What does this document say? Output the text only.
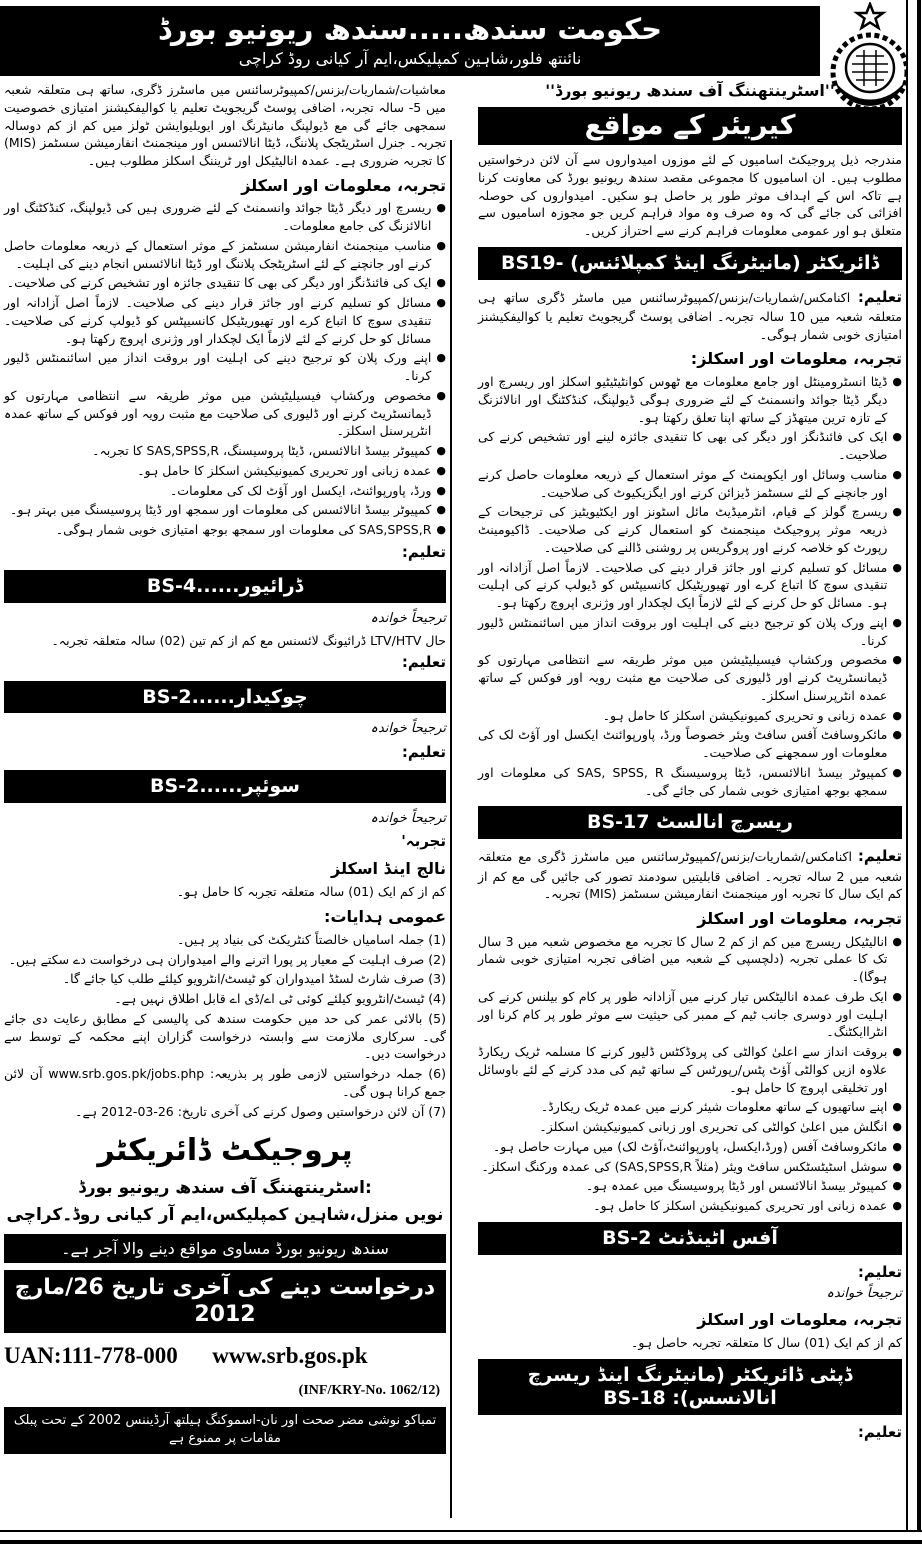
حکومت سندھ.....سندھ ریونیو بورڈ
نائنتھ فلور،شاہین کمپلیکس،ایم آر کیانی روڈ کراچی
''اسٹرینتھننگ آف سندھ ریونیو بورڈ''
کیریئر کے مواقع
مندرجہ ذیل پروجیکٹ اسامیوں کے لئے موزوں امیدواروں سے آن لائن درخواستیں مطلوب ہیں۔ ان اسامیوں کا مجموعی مقصد سندھ ریونیو بورڈ کی معاونت کرنا ہے تاکہ اس کے اہداف موثر طور پر حاصل ہو سکیں۔ امیدواروں کی حوصلہ افزائی کی جائے گی کہ وہ صرف وہ مواد فراہم کریں جو مجوزہ اسامیوں سے متعلق ہو اور عمومی معلومات فراہم کرنے سے احتراز کریں۔
ڈائریکٹر (مانیٹرنگ اینڈ کمپلائنس) -BS19
تعلیم: اکنامکس/شماریات/بزنس/کمپیوٹرسائنس میں ماسٹر ڈگری ساتھ ہی متعلقہ شعبہ میں 10 سالہ تجربہ۔ اضافی پوسٹ گریجویٹ تعلیم یا کوالیفکیشنز امتیازی خوبی شمار ہوگی۔
تجربہ، معلومات اور اسکلز:
●
ڈیٹا انسٹرومینٹل اور جامع معلومات مع ٹھوس کوانٹیٹیٹیو اسکلز اور ریسرچ اور دیگر ڈیٹا جوائد وانسمنٹ کے لئے ضروری ہوگی ڈیولپنگ، کنڈکٹنگ اور انالائزنگ کے تازہ ترین میتھڈز کے ساتھ اپنا تعلق رکھتا ہو۔
●
ایک کی فائنڈنگز اور دیگر کی بھی کا تنقیدی جائزہ لینے اور تشخیص کرنے کی صلاحیت۔
●
مناسب وسائل اور ایکوپمنٹ کے موثر استعمال کے ذریعہ معلومات حاصل کرنے اور جانچنے کے لئے سسٹمز ڈیزائن کرنے اور ایگزیکیوٹ کی صلاحیت۔
●
ریسرچ گولز کے قیام، انٹرمیڈیٹ مائل اسٹونز اور ایکٹیویٹیز کی ترجیحات کے ذریعہ موثر پروجیکٹ مینجمنٹ کو استعمال کرنے کی صلاحیت۔ ڈاکیومینٹ رپورٹ کو خلاصہ کرنے اور پروگریس پر روشنی ڈالنے کی صلاحیت۔
●
مسائل کو تسلیم کرنے اور جائز قرار دینے کی صلاحیت۔ لازماً اصل آزادانہ اور تنقیدی سوچ کا اتباع کرے اور تھیوریٹیکل کانسیپٹس کو ڈیولپ کرنے کی اہلیت ہو۔ مسائل کو حل کرنے کے لئے لازماً ایک لچکدار اور وژنری اپروچ رکھتا ہو۔
●
اپنے ورک پلان کو ترجیح دینے کی اہلیت اور بروقت انداز میں اسائنمنٹس ڈلیور کرنا۔
●
مخصوص ورکشاپ فیسیلیٹیشن میں موثر طریقہ سے انتظامی مہارتوں کو ڈیمانسٹریٹ کرنے اور ڈلیوری کی صلاحیت مع مثبت رویہ اور فوکس کے ساتھ عمدہ انٹرپرسنل اسکلز۔
●
عمدہ زبانی و تحریری کمیونیکیشن اسکلز کا حامل ہو۔
●
مائکروسافٹ آفس سافٹ ویئر خصوصاً ورڈ، پاورپوائنٹ ایکسل اور آؤٹ لک کی معلومات اور سمجھنے کی صلاحیت۔
●
کمپیوٹر بیسڈ انالائسس، ڈیٹا پروسیسنگ SAS, SPSS, R کی معلومات اور سمجھ بوجھ امتیازی خوبی شمار کی جائے گی۔
ریسرچ انالسٹ BS-17
تعلیم: اکنامکس/شماریات/بزنس/کمپیوٹرسائنس میں ماسٹرز ڈگری مع متعلقہ شعبہ میں 2 سالہ تجربہ۔ اضافی قابلیتیں سودمند تصور کی جائیں گی مع کم از کم ایک سال کا تجربہ اور مینجمنٹ انفارمیشن سسٹمز (MIS) تجربہ۔
تجربہ، معلومات اور اسکلز
●
انالیٹیکل ریسرچ میں کم از کم 2 سال کا تجربہ مع مخصوص شعبہ میں 3 سال تک کا عملی تجربہ (دلچسپی کے شعبہ میں اضافی تجربہ امتیازی خوبی شمار ہوگا)۔
●
ایک طرف عمدہ انالیٹکس تیار کرنے میں آزادانہ طور پر کام کو بیلنس کرنے کی اہلیت اور دوسری جانب ٹیم کے ممبر کی حیثیت سے موثر طور پر کام کرنا اور انٹراایکٹنگ۔
●
بروقت انداز سے اعلیٰ کوالٹی کی پروڈکٹس ڈلیور کرنے کا مسلمہ ٹریک ریکارڈ علاوہ ازیں کوالٹی آؤٹ پٹس/رپورٹس کے ساتھ ٹیم کی مدد کرنے کے لئے باوسائل اور تخلیقی اپروچ کا حامل ہو۔
●
اپنے ساتھیوں کے ساتھ معلومات شیئر کرنے میں عمدہ ٹریک ریکارڈ۔
●
انگلش میں اعلیٰ کوالٹی کی تحریری اور زبانی کمیونیکیشن اسکلز۔
●
مائکروسافٹ آفس (ورڈ،ایکسل، پاورپوائنٹ،آؤٹ لک) میں مہارت حاصل ہو۔
●
سوشل اسٹیٹسٹکس سافٹ ویئر (مثلاً SAS,SPSS,R) کی عمدہ ورکنگ اسکلز۔
●
کمپیوٹر بیسڈ انالائسس اور ڈیٹا پروسیسنگ میں عمدہ ہو۔
●
عمدہ زبانی اور تحریری کمیونیکیشن اسکلز کا حامل ہو۔
آفس اٹینڈنٹ BS-2
تعلیم:
ترجیحاً خواندہ
تجربہ، معلومات اور اسکلز
کم از کم ایک (01) سال کا متعلقہ تجربہ حاصل ہو۔
ڈپٹی ڈائریکٹر (مانیٹرنگ اینڈ ریسرچ انالانسس): BS-18
تعلیم:
معاشیات/شماریات/بزنس/کمپیوٹرسائنس میں ماسٹرز ڈگری، ساتھ ہی متعلقہ شعبہ میں 5- سالہ تجربہ، اضافی پوسٹ گریجویٹ تعلیم یا کوالیفکیشنز امتیازی خصوصیت سمجھی جائے گی مع ڈیولپنگ مانیٹرنگ اور ایویلیوایشن ٹولز میں کم از کم دوسالہ تجربہ۔ جنرل اسٹریٹجک پلاننگ، ڈیٹا انالائسس اور مینجمنٹ انفارمیشن سسٹمز (MIS) کا تجربہ ضروری ہے۔ عمدہ انالیٹیکل اور ٹریننگ اسکلز مطلوب ہیں۔
تجربہ، معلومات اور اسکلز
●
ریسرچ اور دیگر ڈیٹا جوائد وانسمنٹ کے لئے ضروری ہیں کی ڈیولپنگ، کنڈکٹنگ اور انالائزنگ کی جامع معلومات۔
●
مناسب مینجمنٹ انفارمیشن سسٹمز کے موثر استعمال کے ذریعہ معلومات حاصل کرنے اور جانچنے کے لئے اسٹریٹجک پلاننگ اور ڈیٹا انالائسس انجام دینے کی اہلیت۔
●
ایک کی فائنڈنگز اور دیگر کی بھی کا تنقیدی جائزہ اور تشخیص کرنے کی صلاحیت۔
●
مسائل کو تسلیم کرنے اور جائز قرار دینے کی صلاحیت۔ لازماً اصل آزادانہ اور تنقیدی سوچ کا اتباع کرے اور تھیوریٹیکل کانسیپٹس کو ڈیولپ کرنے کی صلاحیت۔ مسائل کو حل کرنے کے لئے لازماً ایک لچکدار اور وژنری اپروچ رکھتا ہو۔
●
اپنے ورک پلان کو ترجیح دینے کی اہلیت اور بروقت انداز میں اسائنمنٹس ڈلیور کرنا۔
●
مخصوص ورکشاپ فیسیلیٹیشن میں موثر طریقہ سے انتظامی مہارتوں کو ڈیمانسٹریٹ کرنے اور ڈلیوری کی صلاحیت مع مثبت رویہ اور فوکس کے ساتھ عمدہ انٹرپرسنل اسکلز۔
●
کمپیوٹر بیسڈ انالائسس، ڈیٹا پروسیسنگ، SAS,SPSS,R کا تجربہ۔
●
عمدہ زبانی اور تحریری کمیونیکیشن اسکلز کا حامل ہو۔
●
ورڈ، پاورپوائنٹ، ایکسل اور آؤٹ لک کی معلومات۔
●
کمپیوٹر بیسڈ انالائسس کی معلومات اور سمجھ اور ڈیٹا پروسیسنگ میں بہتر ہو۔
●
SAS,SPSS,R کی معلومات اور سمجھ بوجھ امتیازی خوبی شمار ہوگی۔
تعلیم:
ڈرائیور......BS-4
ترجیحاً خواندہ
حال LTV/HTV ڈرائیونگ لائسنس مع کم از کم تین (02) سالہ متعلقہ تجربہ۔
تعلیم:
چوکیدار......BS-2
ترجیحاً خواندہ
تعلیم:
سوئپر......BS-2
ترجیحاً خواندہ
تجربہ'
نالج اینڈ اسکلز
کم از کم ایک (01) سالہ متعلقہ تجربہ کا حامل ہو۔
عمومی ہدایات:
(1) جملہ اسامیاں خالصتاً کنٹریکٹ کی بنیاد پر ہیں۔
(2) صرف اہلیت کے معیار پر پورا اترنے والے امیدواران ہی درخواست دے سکتے ہیں۔
(3) صرف شارٹ لسٹڈ امیدواران کو ٹیسٹ/انٹرویو کیلئے طلب کیا جائے گا۔
(4) ٹیسٹ/انٹرویو کیلئے کوئی ٹی اے/ڈی اے قابل اطلاق نہیں ہے۔
(5) بالائی عمر کی حد میں حکومت سندھ کی پالیسی کے مطابق رعایت دی جائے گی۔ سرکاری ملازمت سے وابستہ درخواست گزاران اپنے محکمہ کے توسط سے درخواست دیں۔
(6) جملہ درخواستیں لازمی طور پر بذریعہ: www.srb.gos.pk/jobs.php آن لائن جمع کرانا ہوں گی۔
(7) آن لائن درخواستیں وصول کرنے کی آخری تاریخ: 26-03-2012 ہے۔
پروجیکٹ ڈائریکٹر
:اسٹرینتھننگ آف سندھ ریونیو بورڈ
نویں منزل،شاہین کمپلیکس،ایم آر کیانی روڈ۔کراچی
سندھ ریونیو بورڈ مساوی مواقع دینے والا آجر ہے۔
درخواست دینے کی آخری تاریخ 26/مارچ 2012
UAN:111-778-000 www.srb.gos.pk
(INF/KRY-No. 1062/12)
تمباکو نوشی مضر صحت اور نان-اسموکنگ ہیلتھ آرڈیننس 2002 کے تحت پبلک مقامات پر ممنوع ہے
